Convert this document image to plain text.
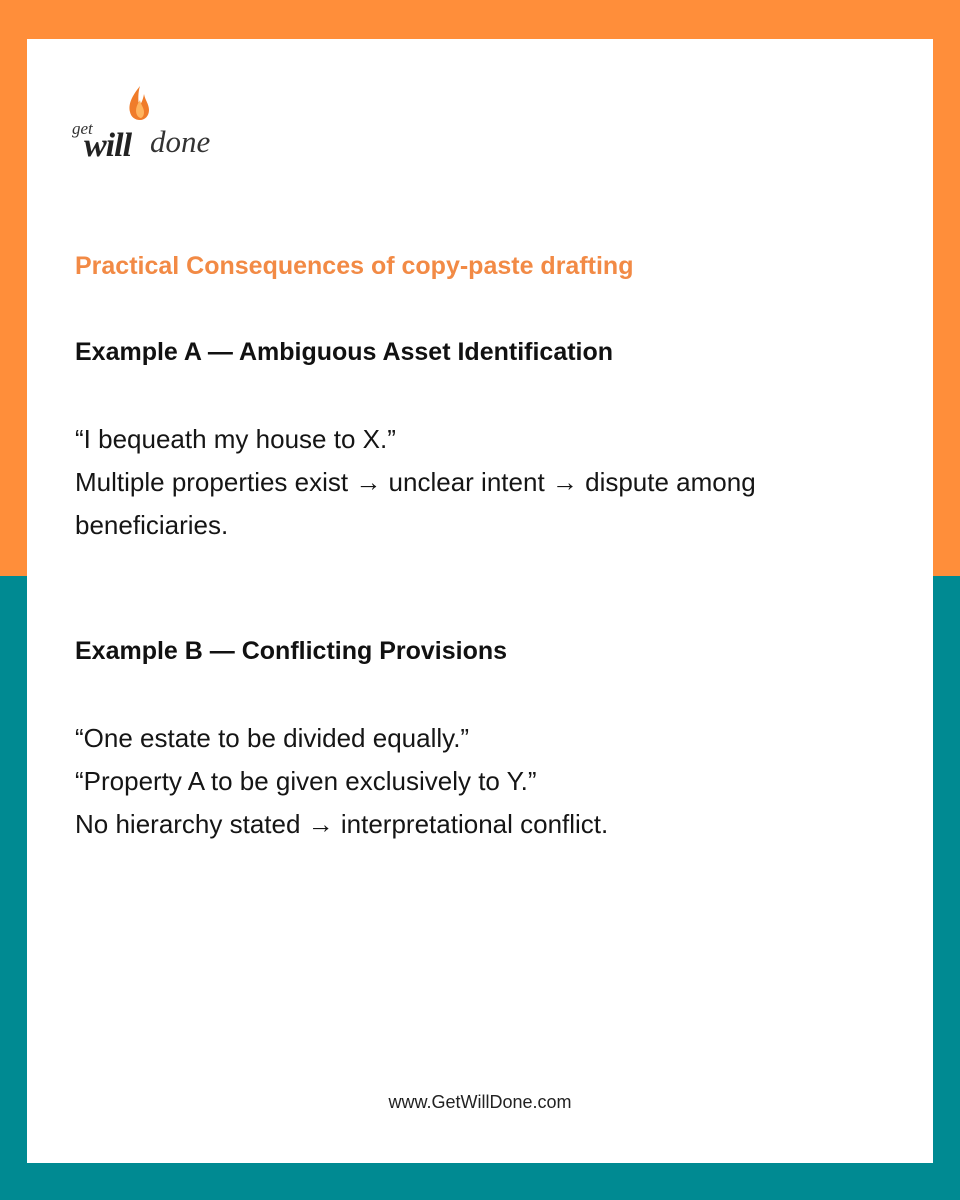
get
will done
Practical Consequences of copy-paste drafting
Example A — Ambiguous Asset Identification
“I bequeath my house to X.”
Multiple properties exist → unclear intent → dispute among
beneficiaries.
Example B — Conflicting Provisions
“One estate to be divided equally.”
“Property A to be given exclusively to Y.”
No hierarchy stated → interpretational conflict.
www.GetWillDone.com
